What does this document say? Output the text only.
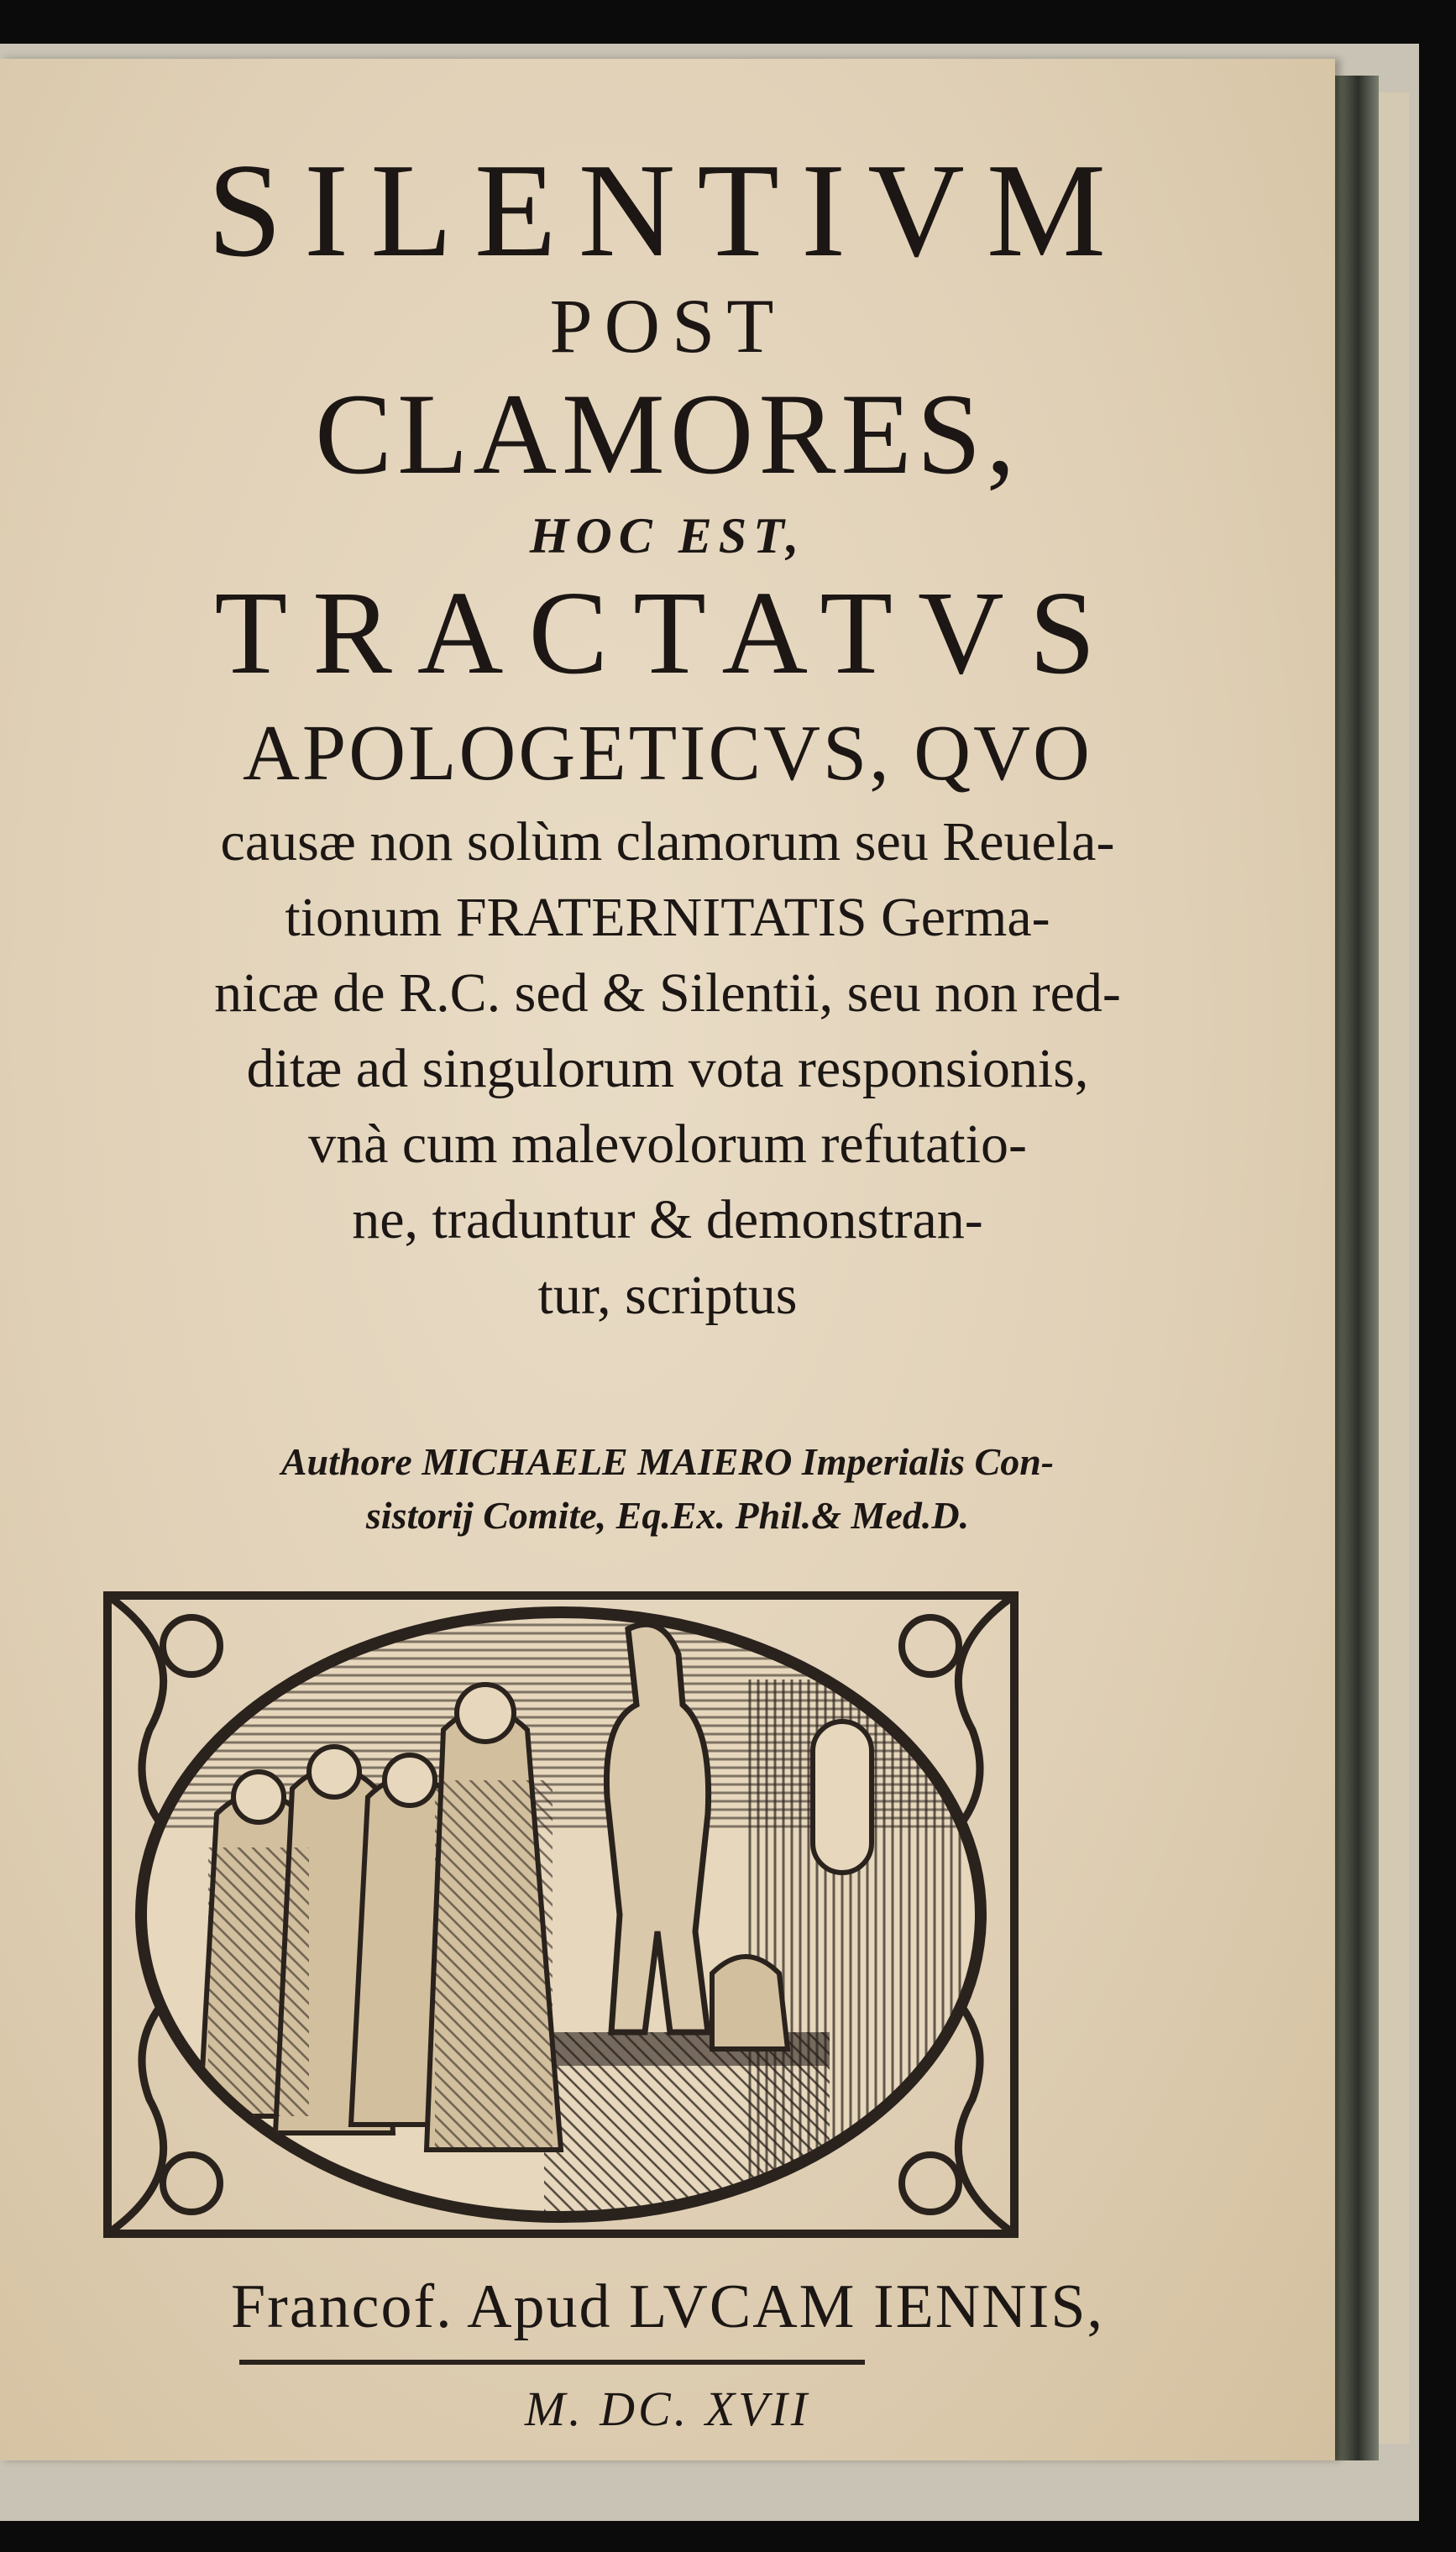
SILENTIVM

POST

CLAMORES,

HOC EST,

TRACTATVS

APOLOGETICVS, QVO

causæ non solùm clamorum seu Reuela-

tionum FRATERNITATIS Germa-

nicæ de R.C. sed & Silentii, seu non red-

ditæ ad singulorum vota responsionis,

vnà cum malevolorum refutatio-

ne, traduntur & demonstran-

tur, scriptus

Authore MICHAELE MAIERO Imperialis Con-

sistorij Comite, Eq.Ex. Phil.& Med.D.

Francof. Apud LVCAM IENNIS,

M. DC. XVII
